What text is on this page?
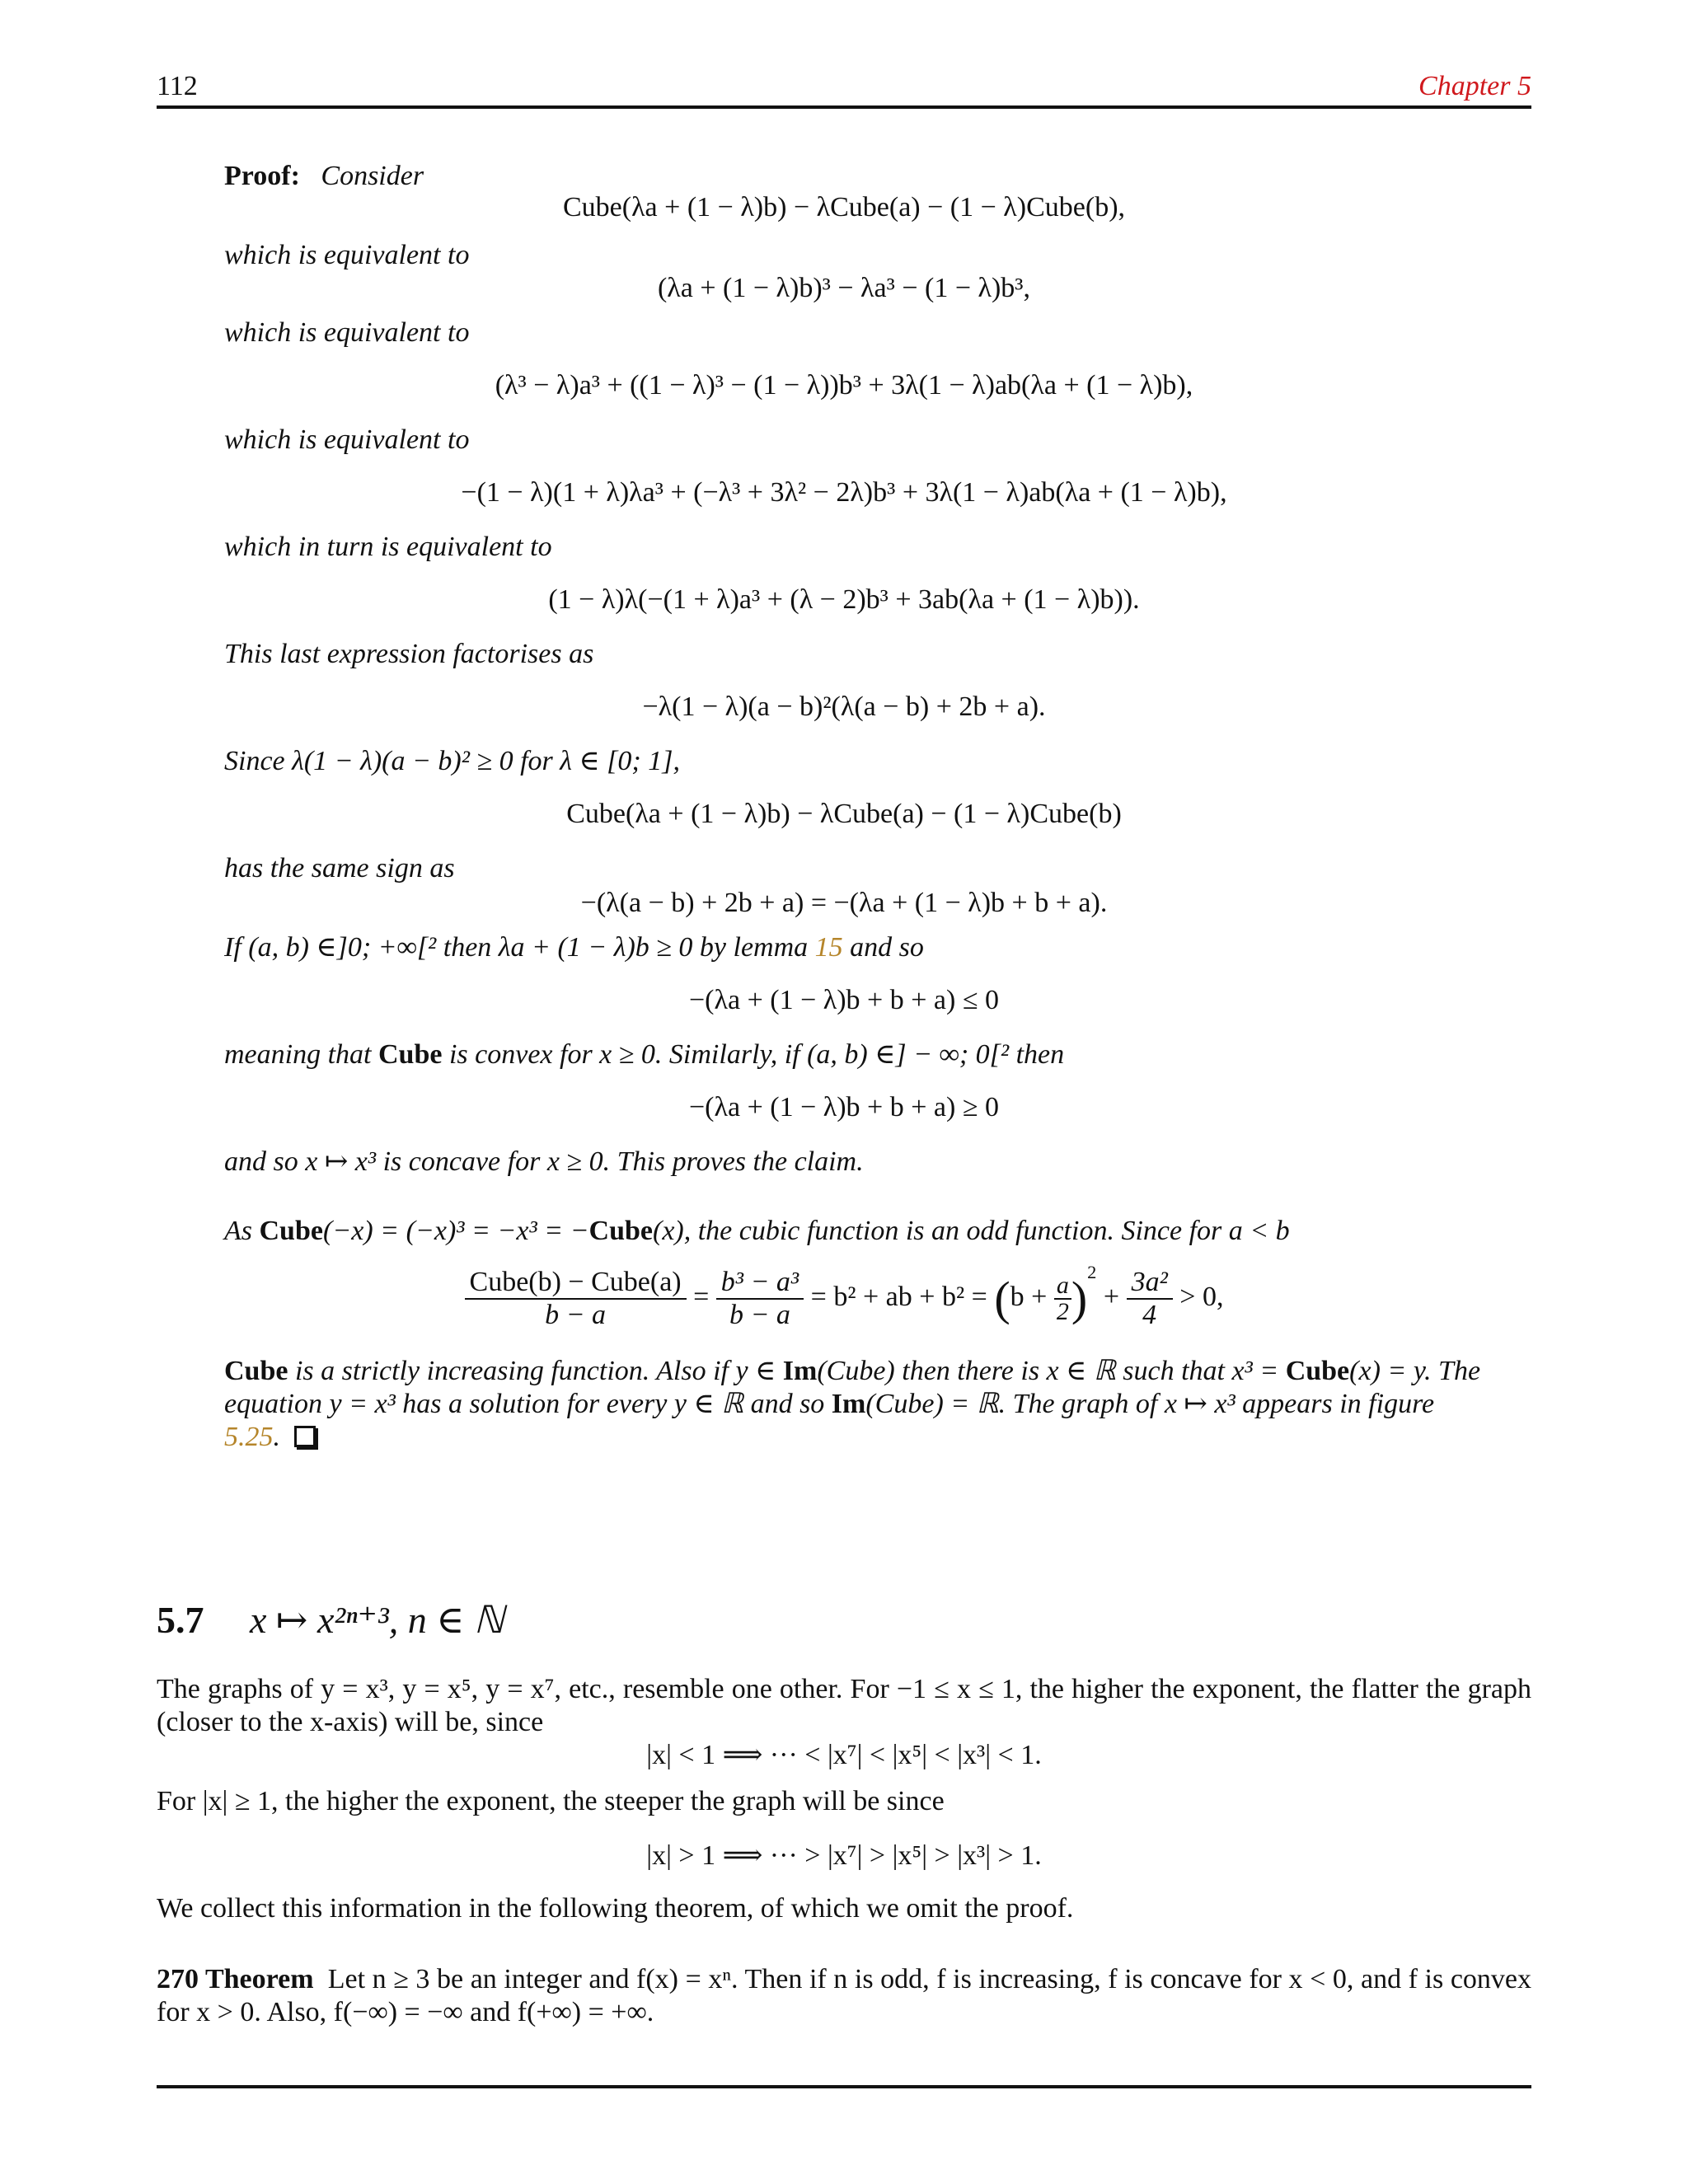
112	Chapter 5
Proof: Consider
Cube(λa + (1 − λ)b) − λCube(a) − (1 − λ)Cube(b),
which is equivalent to
(λa + (1 − λ)b)³ − λa³ − (1 − λ)b³,
which is equivalent to
(λ³ − λ)a³ + ((1 − λ)³ − (1 − λ))b³ + 3λ(1 − λ)ab(λa + (1 − λ)b),
which is equivalent to
−(1 − λ)(1 + λ)λa³ + (−λ³ + 3λ² − 2λ)b³ + 3λ(1 − λ)ab(λa + (1 − λ)b),
which in turn is equivalent to
(1 − λ)λ(−(1 + λ)a³ + (λ − 2)b³ + 3ab(λa + (1 − λ)b)).
This last expression factorises as
−λ(1 − λ)(a − b)²(λ(a − b) + 2b + a).
Since λ(1 − λ)(a − b)² ≥ 0 for λ ∈ [0; 1],
Cube(λa + (1 − λ)b) − λCube(a) − (1 − λ)Cube(b)
has the same sign as
−(λ(a − b) + 2b + a) = −(λa + (1 − λ)b + b + a).
If (a, b) ∈]0; +∞[² then λa + (1 − λ)b ≥ 0 by lemma 15 and so
−(λa + (1 − λ)b + b + a) ≤ 0
meaning that Cube is convex for x ≥ 0. Similarly, if (a, b) ∈] − ∞; 0[² then
−(λa + (1 − λ)b + b + a) ≥ 0
and so x ↦ x³ is concave for x ≥ 0. This proves the claim.
As Cube(−x) = (−x)³ = −x³ = −Cube(x), the cubic function is an odd function. Since for a < b
$\frac{\text{Cube(b) − Cube(a)}}{b - a} = \frac{\text{b³ − a³}}{b - a} = b^2$ + ab + $b^2 = (b + \frac{a}{2} )^2 + \frac{\text{3a²}}{4} > 0$,
Cube is a strictly increasing function. Also if y ∈ Im(Cube) then there is x ∈ ℝ such that x³ = Cube(x) = y. The
equation y = x³ has a solution for every y ∈ ℝ and so Im(Cube) = ℝ. The graph of x ↦ x³ appears in figure
5.25.
5.7 x ↦ x²ⁿ⁺³, n ∈ ℕ
The graphs of y = x³, y = x⁵, y = x⁷, etc., resemble one other. For −1 ≤ x ≤ 1, the higher the exponent, the flatter the graph (closer to the x-axis) will be, since
|x| < 1 ⟹ ··· < |x⁷| < |x⁵| < |x³| < 1.
For |x| ≥ 1, the higher the exponent, the steeper the graph will be since
|x| > 1 ⟹ ··· > |x⁷| > |x⁵| > |x³| > 1.
We collect this information in the following theorem, of which we omit the proof.
270 Theorem Let n ≥ 3 be an integer and f(x) = xⁿ. Then if n is odd, f is increasing, f is concave for x < 0, and f is convex for x > 0. Also, f(−∞) = −∞ and f(+∞) = +∞.
